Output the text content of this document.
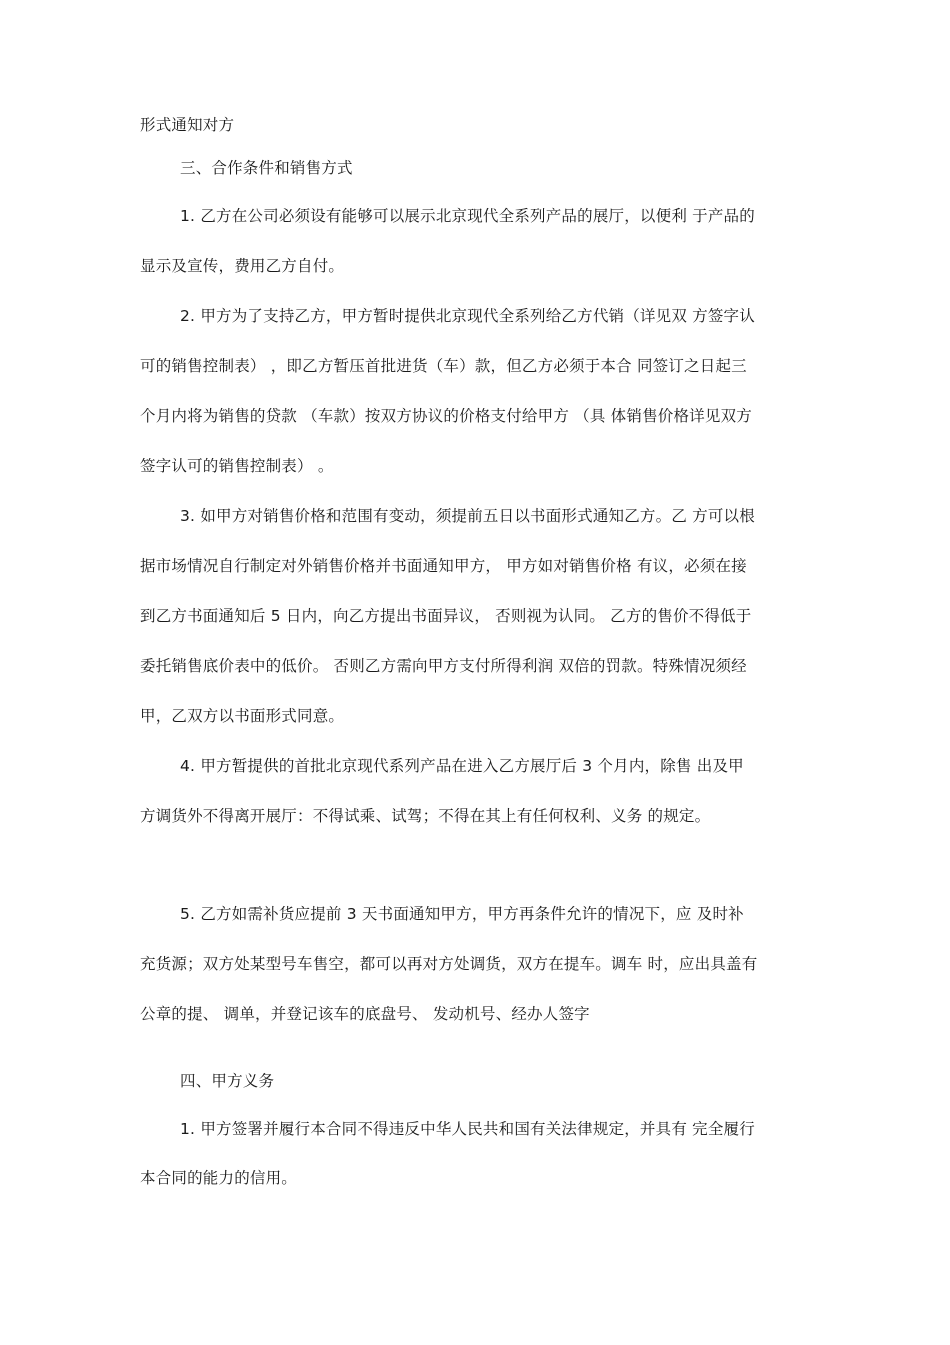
形式通知对方
三、合作条件和销售方式
1. 乙方在公司必须设有能够可以展示北京现代全系列产品的展厅，以便利 于产品的
显示及宣传，费用乙方自付。
2. 甲方为了支持乙方，甲方暂时提供北京现代全系列给乙方代销（详见双 方签字认
可的销售控制表） ，即乙方暂压首批进货（车）款，但乙方必须于本合 同签订之日起三
个月内将为销售的贷款 （车款）按双方协议的价格支付给甲方 （具 体销售价格详见双方
签字认可的销售控制表） 。
3. 如甲方对销售价格和范围有变动，须提前五日以书面形式通知乙方。乙 方可以根
据市场情况自行制定对外销售价格并书面通知甲方， 甲方如对销售价格 有议，必须在接
到乙方书面通知后 5 日内，向乙方提出书面异议， 否则视为认同。 乙方的售价不得低于
委托销售底价表中的低价。 否则乙方需向甲方支付所得利润 双倍的罚款。特殊情况须经
甲，乙双方以书面形式同意。
4. 甲方暂提供的首批北京现代系列产品在进入乙方展厅后 3 个月内，除售 出及甲
方调货外不得离开展厅：不得试乘、试驾；不得在其上有任何权利、义务 的规定。
5. 乙方如需补货应提前 3 天书面通知甲方，甲方再条件允许的情况下，应 及时补
充货源；双方处某型号车售空，都可以再对方处调货，双方在提车。调车 时，应出具盖有
公章的提、 调单，并登记该车的底盘号、 发动机号、经办人签字
四、甲方义务
1. 甲方签署并履行本合同不得违反中华人民共和国有关法律规定，并具有 完全履行
本合同的能力的信用。
